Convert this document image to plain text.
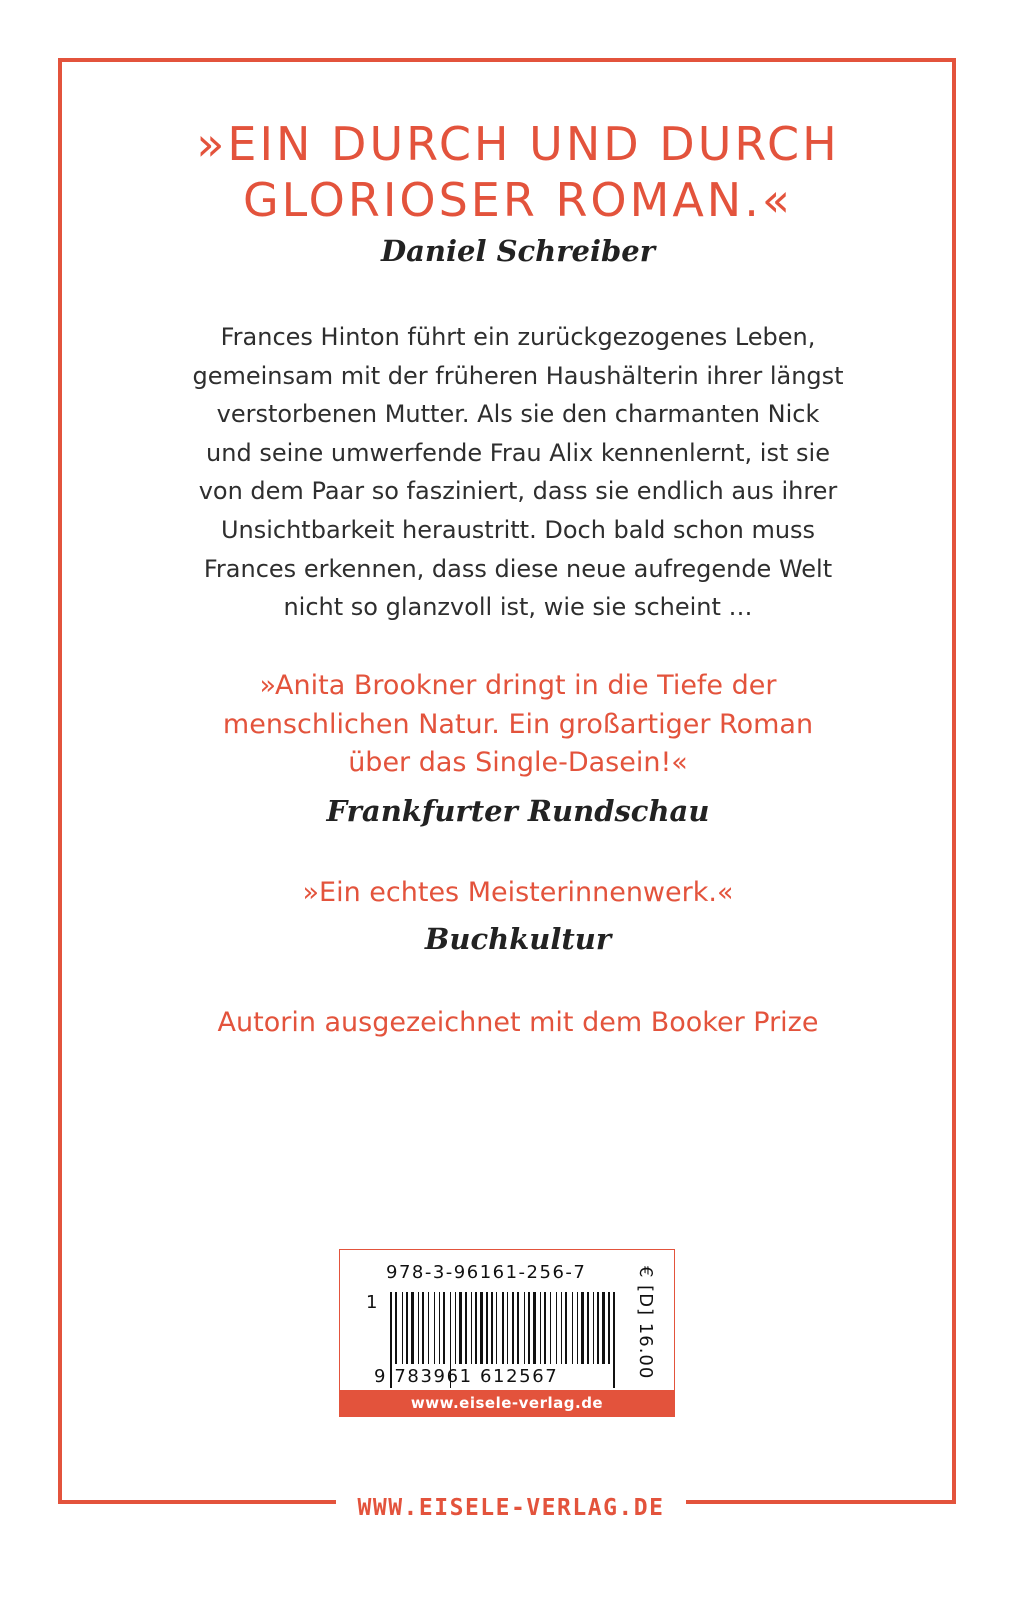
WWW.EISELE-VERLAG.DE
»EIN DURCH UND DURCH
GLORIOSER ROMAN.«
Daniel Schreiber
Frances Hinton führt ein zurückgezogenes Leben,
gemeinsam mit der früheren Haushälterin ihrer längst
verstorbenen Mutter. Als sie den charmanten Nick
und seine umwerfende Frau Alix kennenlernt, ist sie
von dem Paar so fasziniert, dass sie endlich aus ihrer
Unsichtbarkeit heraustritt. Doch bald schon muss
Frances erkennen, dass diese neue aufregende Welt
nicht so glanzvoll ist, wie sie scheint …
»Anita Brookner dringt in die Tiefe der
menschlichen Natur. Ein großartiger Roman
über das Single-Dasein!«
Frankfurter Rundschau
»Ein echtes Meisterinnenwerk.«
Buchkultur
Autorin ausgezeichnet mit dem Booker Prize
978-3-96161-256-7
1
9 783961 612567	€ [D] 16.00
www.eisele-verlag.de
